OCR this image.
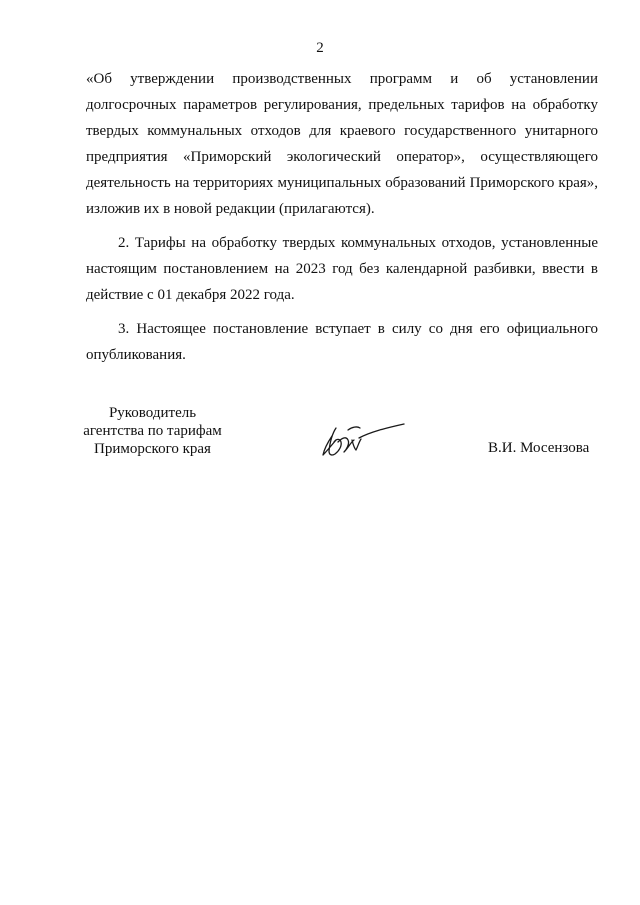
2
«Об утверждении производственных программ и об установлении
долгосрочных параметров регулирования, предельных тарифов на обработку
твердых коммунальных отходов для краевого государственного унитарного
предприятия «Приморский экологический оператор», осуществляющего
деятельность на территориях муниципальных образований Приморского края»,
изложив их в новой редакции (прилагаются).
2. Тарифы на обработку твердых коммунальных отходов, установленные
настоящим постановлением на 2023 год без календарной разбивки, ввести в
действие с 01 декабря 2022 года.
3. Настоящее постановление вступает в силу со дня его официального
опубликования.
Руководитель
агентства по тарифам
Приморского края	В.И. Мосензова
